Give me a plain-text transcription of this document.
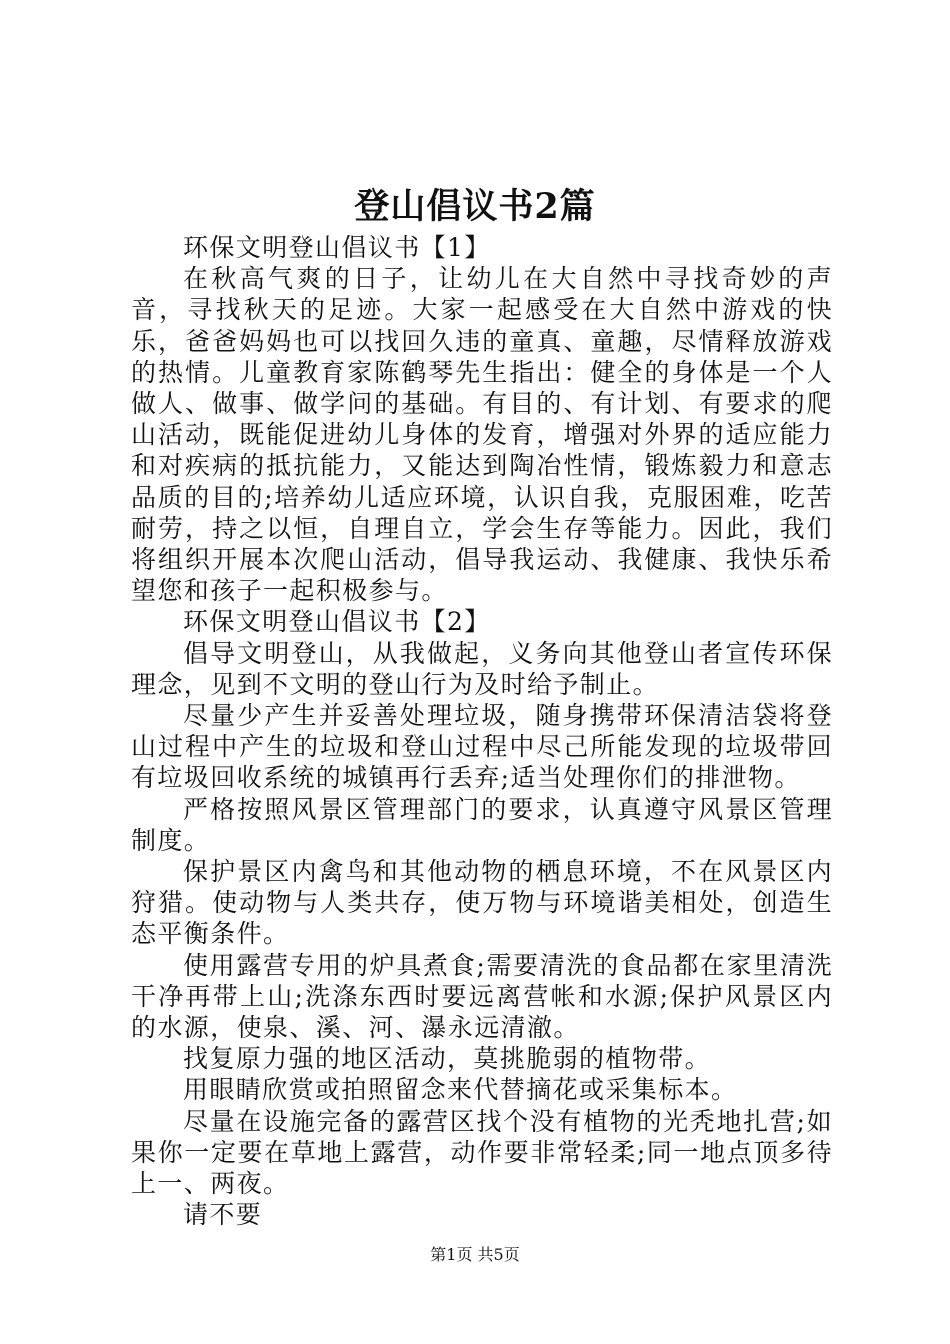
登山倡议书2篇

环保文明登山倡议书【1】

在秋高气爽的日子，让幼儿在大自然中寻找奇妙的声音，寻找秋天的足迹。大家一起感受在大自然中游戏的快乐，爸爸妈妈也可以找回久违的童真、童趣，尽情释放游戏的热情。儿童教育家陈鹤琴先生指出：健全的身体是一个人做人、做事、做学问的基础。有目的、有计划、有要求的爬山活动，既能促进幼儿身体的发育，增强对外界的适应能力和对疾病的抵抗能力，又能达到陶冶性情，锻炼毅力和意志品质的目的;培养幼儿适应环境，认识自我，克服困难，吃苦耐劳，持之以恒，自理自立，学会生存等能力。因此，我们将组织开展本次爬山活动，倡导我运动、我健康、我快乐希望您和孩子一起积极参与。

环保文明登山倡议书【2】

倡导文明登山，从我做起，义务向其他登山者宣传环保理念，见到不文明的登山行为及时给予制止。

尽量少产生并妥善处理垃圾，随身携带环保清洁袋将登山过程中产生的垃圾和登山过程中尽己所能发现的垃圾带回有垃圾回收系统的城镇再行丢弃;适当处理你们的排泄物。

严格按照风景区管理部门的要求，认真遵守风景区管理制度。

保护景区内禽鸟和其他动物的栖息环境，不在风景区内狩猎。使动物与人类共存，使万物与环境谐美相处，创造生态平衡条件。

使用露营专用的炉具煮食;需要清洗的食品都在家里清洗干净再带上山;洗涤东西时要远离营帐和水源;保护风景区内的水源，使泉、溪、河、瀑永远清澈。

找复原力强的地区活动，莫挑脆弱的植物带。

用眼睛欣赏或拍照留念来代替摘花或采集标本。

尽量在设施完备的露营区找个没有植物的光秃地扎营;如果你一定要在草地上露营，动作要非常轻柔;同一地点顶多待上一、两夜。

请不要

第1页 共5页
